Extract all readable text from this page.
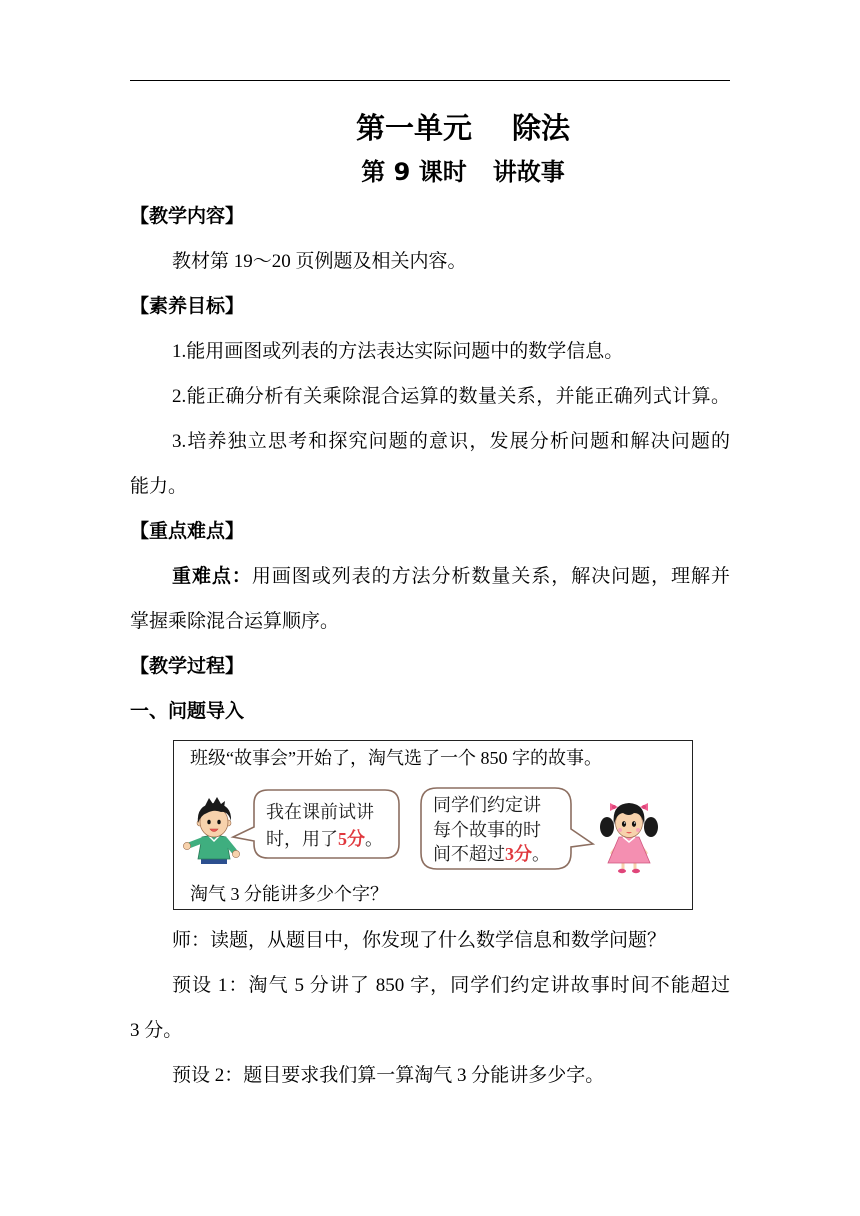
第一单元 除法
第 9 课时 讲故事
【教学内容】
教材第 19～20 页例题及相关内容。
【素养目标】
1.能用画图或列表的方法表达实际问题中的数学信息。
2.能正确分析有关乘除混合运算的数量关系，并能正确列式计算。
3.培养独立思考和探究问题的意识，发展分析问题和解决问题的
能力。
【重点难点】
重难点：用画图或列表的方法分析数量关系，解决问题，理解并
掌握乘除混合运算顺序。
【教学过程】
一、问题导入
班级“故事会”开始了，淘气选了一个 850 字的故事。
我在课前试讲
时，用了5分。
同学们约定讲
每个故事的时
间不超过3分。
淘气 3 分能讲多少个字？
师：读题，从题目中，你发现了什么数学信息和数学问题？
预设 1：淘气 5 分讲了 850 字，同学们约定讲故事时间不能超过
3 分。
预设 2：题目要求我们算一算淘气 3 分能讲多少字。
